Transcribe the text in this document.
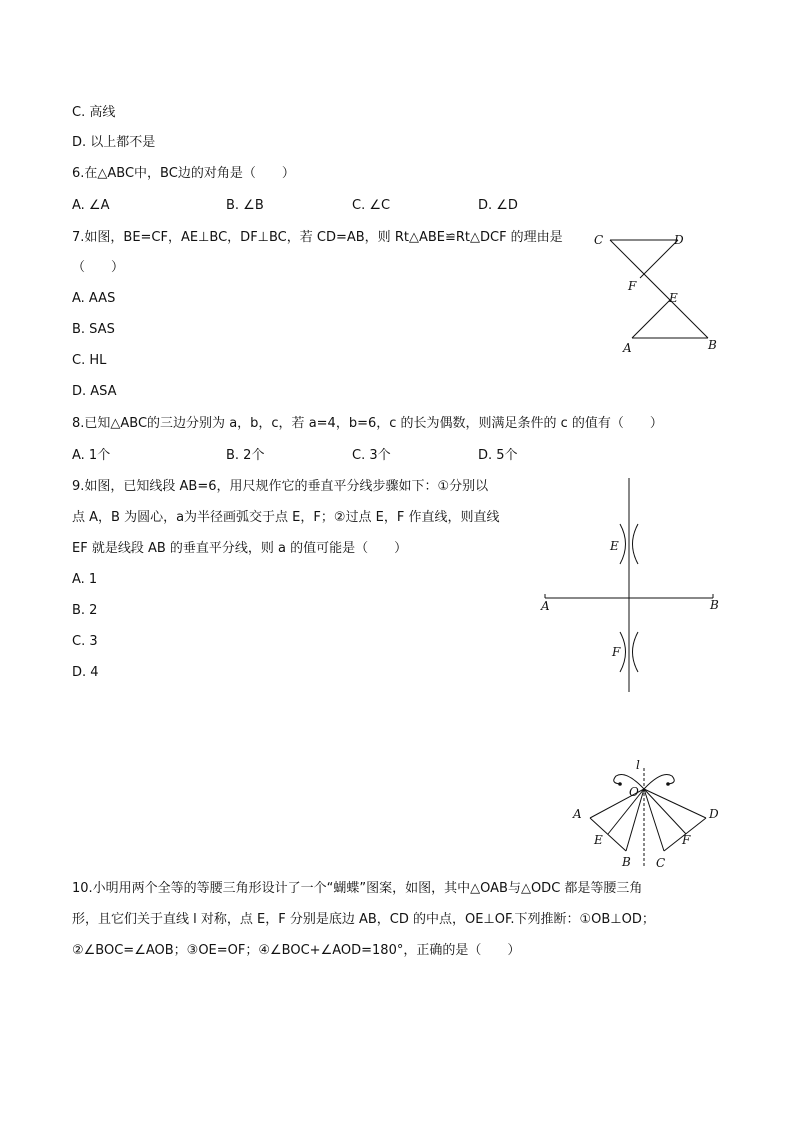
C. 高线
D. 以上都不是
6.在△ABC中，BC边的对角是（　　）
A. ∠A	B. ∠B	C. ∠C	D. ∠D
7.如图，BE=CF，AE⊥BC，DF⊥BC，若 CD=AB，则 Rt△ABE≌Rt△DCF 的理由是
（　　）
A. AAS
B. SAS
C. HL
D. ASA
C	D
F
E
A	B
8.已知△ABC的三边分别为 a，b，c，若 a=4，b=6，c 的长为偶数，则满足条件的 c 的值有（　　）
A. 1个	B. 2个	C. 3个	D. 5个
9.如图，已知线段 AB=6，用尺规作它的垂直平分线步骤如下：①分别以
点 A，B 为圆心，a为半径画弧交于点 E，F；②过点 E，F 作直线，则直线
EF 就是线段 AB 的垂直平分线，则 a 的值可能是（　　）
A. 1
B. 2
C. 3
D. 4
E
F
A	B
l
O
A
E
B C
F
D
10.小明用两个全等的等腰三角形设计了一个“蝴蝶”图案，如图，其中△OAB与△ODC 都是等腰三角
形，且它们关于直线 l 对称，点 E，F 分别是底边 AB，CD 的中点，OE⊥OF.下列推断：①OB⊥OD；
②∠BOC=∠AOB；③OE=OF；④∠BOC+∠AOD=180°，正确的是（　　）
